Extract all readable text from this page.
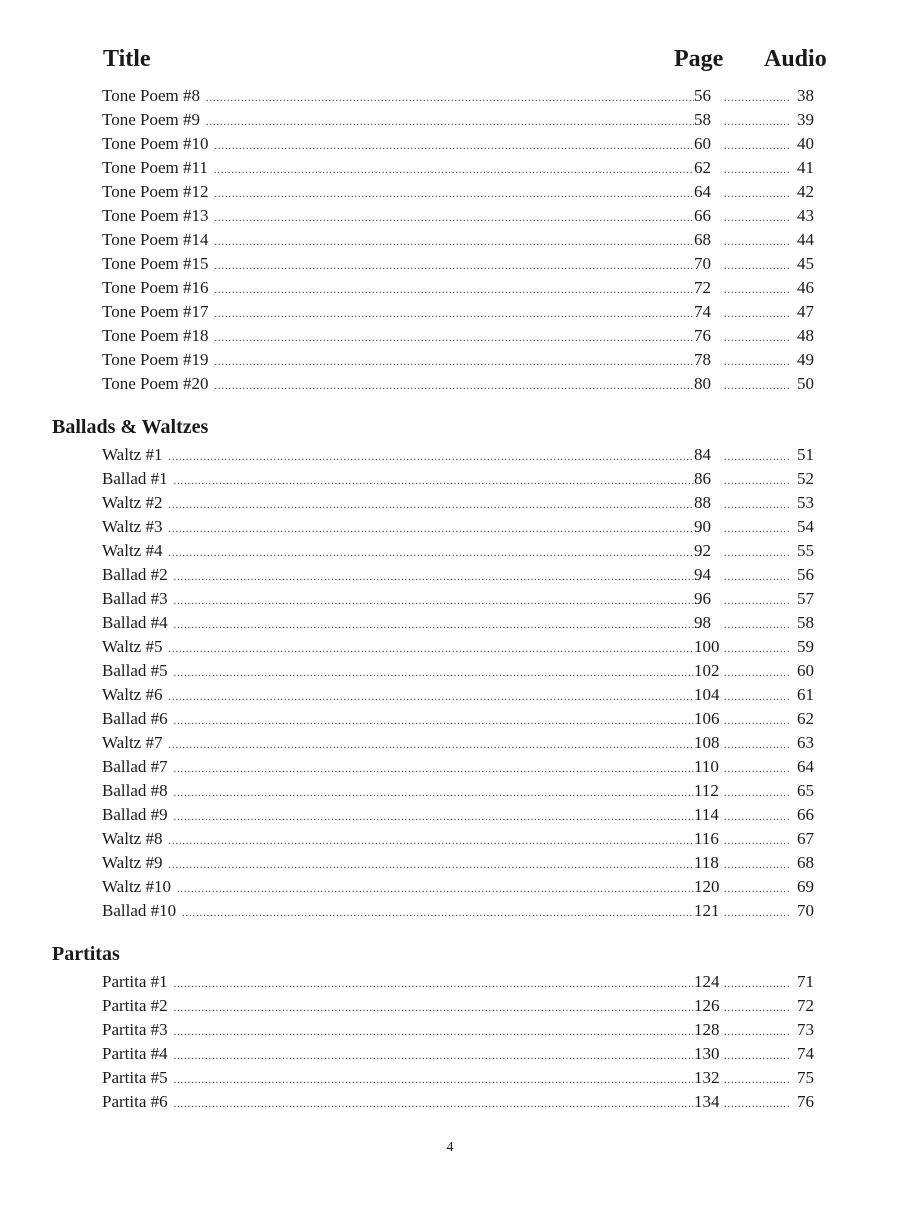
Title	Page Audio
Tone Poem #8 .....	56 .....	38
Tone Poem #9 .....	58 .....	39
Tone Poem #10 .....	60 .....	40
Tone Poem #11 .....	62 .....	41
Tone Poem #12 .....	64 .....	42
Tone Poem #13 .....	66 .....	43
Tone Poem #14 .....	68 .....	44
Tone Poem #15 .....	70 .....	45
Tone Poem #16 .....	72 .....	46
Tone Poem #17 .....	74 .....	47
Tone Poem #18 .....	76 .....	48
Tone Poem #19 .....	78 .....	49
Tone Poem #20 .....	80 .....	50
Ballads & Waltzes
Waltz #1 .....	84 .....	51
Ballad #1 .....	86 .....	52
Waltz #2 .....	88 .....	53
Waltz #3 .....	90 .....	54
Waltz #4 .....	92 .....	55
Ballad #2 .....	94 .....	56
Ballad #3 .....	96 .....	57
Ballad #4 .....	98 .....	58
Waltz #5 .....	100 .....	59
Ballad #5 .....	102 .....	60
Waltz #6 .....	104 .....	61
Ballad #6 .....	106 .....	62
Waltz #7 .....	108 .....	63
Ballad #7 .....	110 .....	64
Ballad #8 .....	112 .....	65
Ballad #9 .....	114 .....	66
Waltz #8 .....	116 .....	67
Waltz #9 .....	118 .....	68
Waltz #10 .....	120 .....	69
Ballad #10 .....	121 .....	70
Partitas
Partita #1 .....	124 .....	71
Partita #2 .....	126 .....	72
Partita #3 .....	128 .....	73
Partita #4 .....	130 .....	74
Partita #5 .....	132 .....	75
Partita #6 .....	134 .....	76
4
